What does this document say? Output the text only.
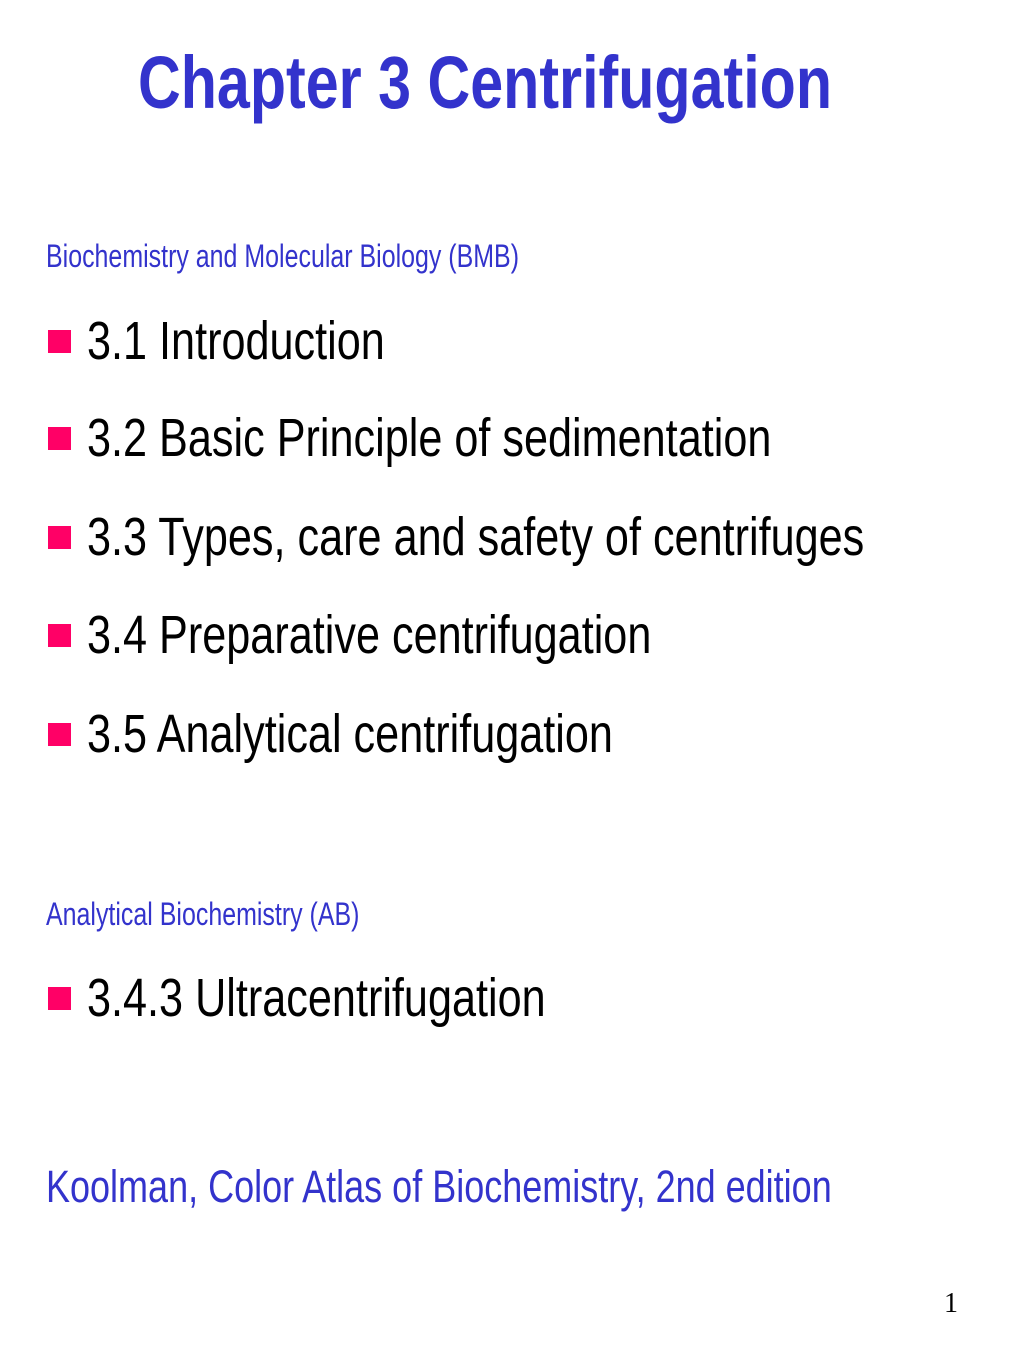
Chapter 3 Centrifugation
Biochemistry and Molecular Biology (BMB)
3.1 Introduction
3.2 Basic Principle of sedimentation
3.3 Types, care and safety of centrifuges
3.4 Preparative centrifugation
3.5 Analytical centrifugation
Analytical Biochemistry (AB)
3.4.3 Ultracentrifugation
Koolman, Color Atlas of Biochemistry, 2nd edition
1
